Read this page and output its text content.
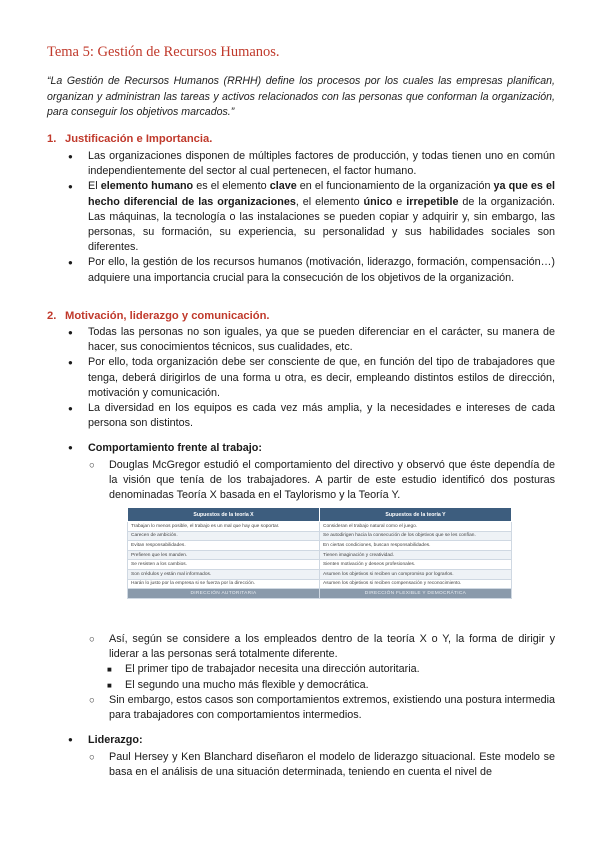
Tema 5: Gestión de Recursos Humanos.

“La Gestión de Recursos Humanos (RRHH) define los procesos por los cuales las empresas planifican, organizan y administran las tareas y activos relacionados con las personas que conforman la organización, para conseguir los objetivos marcados.”

1. Justificación e Importancia.

● Las organizaciones disponen de múltiples factores de producción, y todas tienen uno en común independientemente del sector al cual pertenecen, el factor humano.
● El elemento humano es el elemento clave en el funcionamiento de la organización ya que es el hecho diferencial de las organizaciones, el elemento único e irrepetible de la organización. Las máquinas, la tecnología o las instalaciones se pueden copiar y adquirir y, sin embargo, las personas, su formación, su experiencia, su personalidad y sus habilidades sociales son diferentes.
● Por ello, la gestión de los recursos humanos (motivación, liderazgo, formación, compensación…) adquiere una importancia crucial para la consecución de los objetivos de la organización.

2. Motivación, liderazgo y comunicación.

● Todas las personas no son iguales, ya que se pueden diferenciar en el carácter, su manera de hacer, sus conocimientos técnicos, sus cualidades, etc.
● Por ello, toda organización debe ser consciente de que, en función del tipo de trabajadores que tenga, deberá dirigirlos de una forma u otra, es decir, empleando distintos estilos de dirección, motivación y comunicación.
● La diversidad en los equipos es cada vez más amplia, y la necesidades e intereses de cada persona son distintos.

● Comportamiento frente al trabajo:

○ Douglas McGregor estudió el comportamiento del directivo y observó que éste dependía de la visión que tenía de los trabajadores. A partir de este estudio identificó dos posturas denominadas Teoría X basada en el Taylorismo y la Teoría Y.
Supuestos de la teoría X	Supuestos de la teoría Y
Trabajan lo menos posible, el trabajo es un mal que hay que soportar.	Consideran el trabajo natural como el juego.
Carecen de ambición.	Se autodirigen hacia la consecución de los objetivos que se les confían.
Evitan responsabilidades.	En ciertas condiciones, buscan responsabilidades.
Prefieren que les manden.	Tienen imaginación y creatividad.
Se resisten a los cambios.	Sienten motivación y deseos profesionales.
Son crédulos y están mal informados.	Asumen los objetivos si reciben un compromiso por lograrlos.
Harán lo justo por la empresa si se fuerza por la dirección.	Asumen los objetivos si reciben compensación y reconocimiento.
DIRECCIÓN AUTORITARIA	DIRECCIÓN FLEXIBLE Y DEMOCRÁTICA
○ Así, según se considere a los empleados dentro de la teoría X o Y, la forma de dirigir y liderar a las personas será totalmente diferente.
■ El primer tipo de trabajador necesita una dirección autoritaria.
■ El segundo una mucho más flexible y democrática.
○ Sin embargo, estos casos son comportamientos extremos, existiendo una postura intermedia para trabajadores con comportamientos intermedios.

● Liderazgo:

○ Paul Hersey y Ken Blanchard diseñaron el modelo de liderazgo situacional. Este modelo se basa en el análisis de una situación determinada, teniendo en cuenta el nivel de
